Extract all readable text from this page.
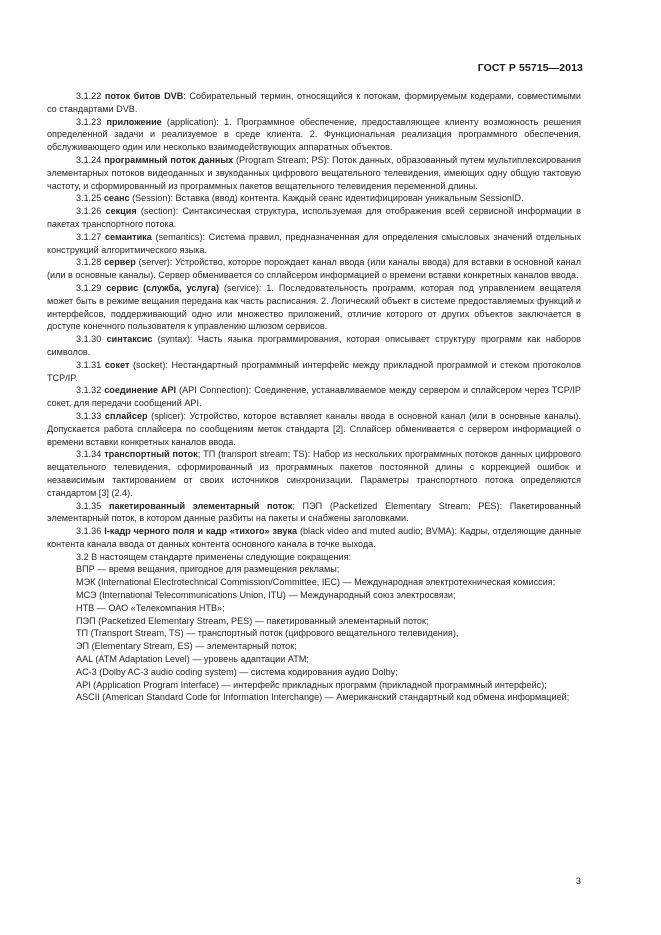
ГОСТ Р 55715—2013

3.1.22 поток битов DVB: Собирательный термин, относящийся к потокам, формируемым кодерами, совместимыми со стандартами DVB.

3.1.23 приложение (application): 1. Программное обеспечение, предоставляющее клиенту возможность решения определенной задачи и реализуемое в среде клиента. 2. Функциональная реализация программного обеспечения, обслуживающего один или несколько взаимодействующих аппаратных объектов.

3.1.24 программный поток данных (Program Stream; PS): Поток данных, образованный путем мультиплексирования элементарных потоков видеоданных и звукоданных цифрового вещательного телевидения, имеющих одну общую тактовую частоту, и сформированный из программных пакетов вещательного телевидения переменной длины.

3.1.25 сеанс (Session): Вставка (ввод) контента. Каждый сеанс идентифицирован уникальным SessionID.

3.1.26 секция (section): Синтаксическая структура, используемая для отображения всей сервисной информации в пакетах транспортного потока.

3.1.27 семантика (semantics): Система правил, предназначенная для определения смысловых значений отдельных конструкций алгоритмического языка.

3.1.28 сервер (server): Устройство, которое порождает канал ввода (или каналы ввода) для вставки в основной канал (или в основные каналы). Сервер обменивается со сплайсером информацией о времени вставки конкретных каналов ввода.

3.1.29 сервис (служба, услуга) (service): 1. Последовательность программ, которая под управлением вещателя может быть в режиме вещания передана как часть расписания. 2. Логический объект в системе предоставляемых функций и интерфейсов, поддерживающий одно или множество приложений, отличие которого от других объектов заключается в доступе конечного пользователя к управлению шлюзом сервисов.

3.1.30 синтаксис (syntax): Часть языка программирования, которая описывает структуру программ как наборов символов.

3.1.31 сокет (socket): Нестандартный программный интерфейс между прикладной программой и стеком протоколов TCP/IP.

3.1.32 соединение API (API Connection): Соединение, устанавливаемое между сервером и сплайсером через TCP/IP сокет, для передачи сообщений API.

3.1.33 сплайсер (splicer): Устройство, которое вставляет каналы ввода в основной канал (или в основные каналы). Допускается работа сплайсера по сообщениям меток стандарта [2]. Сплайсер обменивается с сервером информацией о времени вставки конкретных каналов ввода.

3.1.34 транспортный поток; ТП (transport stream; TS): Набор из нескольких программных потоков данных цифрового вещательного телевидения, сформированный из программных пакетов постоянной длины с коррекцией ошибок и независимым тактированием от своих источников синхронизации. Параметры транспортного потока определяются стандартом [3] (2.4).

3.1.35 пакетированный элементарный поток; ПЭП (Packetized Elementary Stream; PES): Пакетированный элементарный поток, в котором данные разбиты на пакеты и снабжены заголовками.

3.1.36 I-кадр черного поля и кадр «тихого» звука (black video and muted audio; BVMA): Кадры, отделяющие данные контента канала ввода от данных контента основного канала в точке выхода.

3.2 В настоящем стандарте применены следующие сокращения:

ВПР — время вещания, пригодное для размещения рекламы;

МЭК (International Electrotechnical Commission/Committee, IEC) — Международная электротехническая комиссия;

МСЭ (International Telecommunications Union, ITU) — Международный союз электросвязи;

НТВ — ОАО «Телекомпания НТВ»;

ПЭП (Packetized Elementary Stream, PES) — пакетированный элементарный поток;

ТП (Transport Stream, TS) — транспортный поток (цифрового вещательного телевидения),

ЭП (Elementary Stream, ES) — элементарный поток;

AAL (ATM Adaptation Level) — уровень адаптации ATM;

AC-3 (Dolby AC-3 audio coding system) — система кодирования аудио Dolby;

API (Application Program Interface) — интерфейс прикладных программ (прикладной программный интерфейс);

ASCII (American Standard Code for Information Interchange) — Американский стандартный код обмена информацией;

3
